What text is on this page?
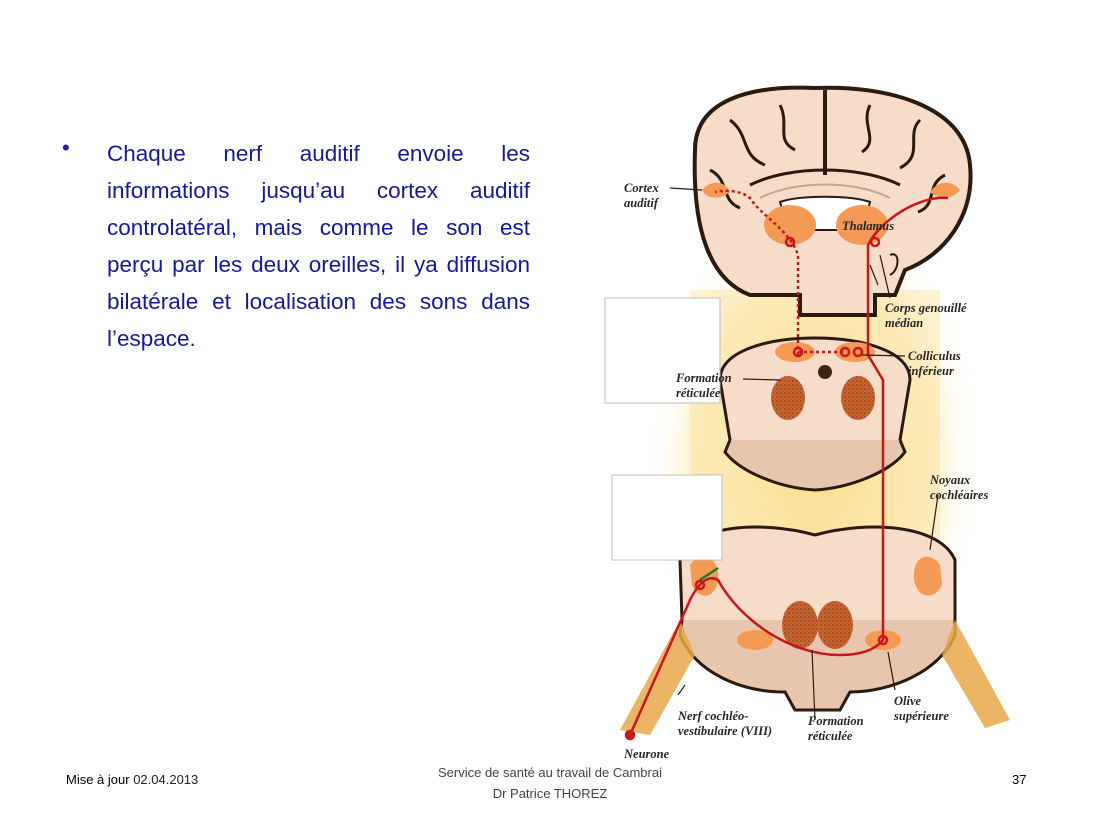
• Chaque nerf auditif envoie les informations jusqu’au cortex auditif controlatéral, mais comme le son est perçu par les deux oreilles, il ya diffusion bilatérale et localisation des sons dans l’espace.
Cortex
auditif
Thalamus
Corps genouillé
médian
Colliculus
inférieur
Formation
réticulée
Noyaux
cochléaires
Nerf cochléo-
vestibulaire (VIII)
Formation
réticulée
Olive
supérieure
Neurone
Mise à jour 02.04.2013	Service de santé au travail de Cambrai
Dr Patrice THOREZ
37
